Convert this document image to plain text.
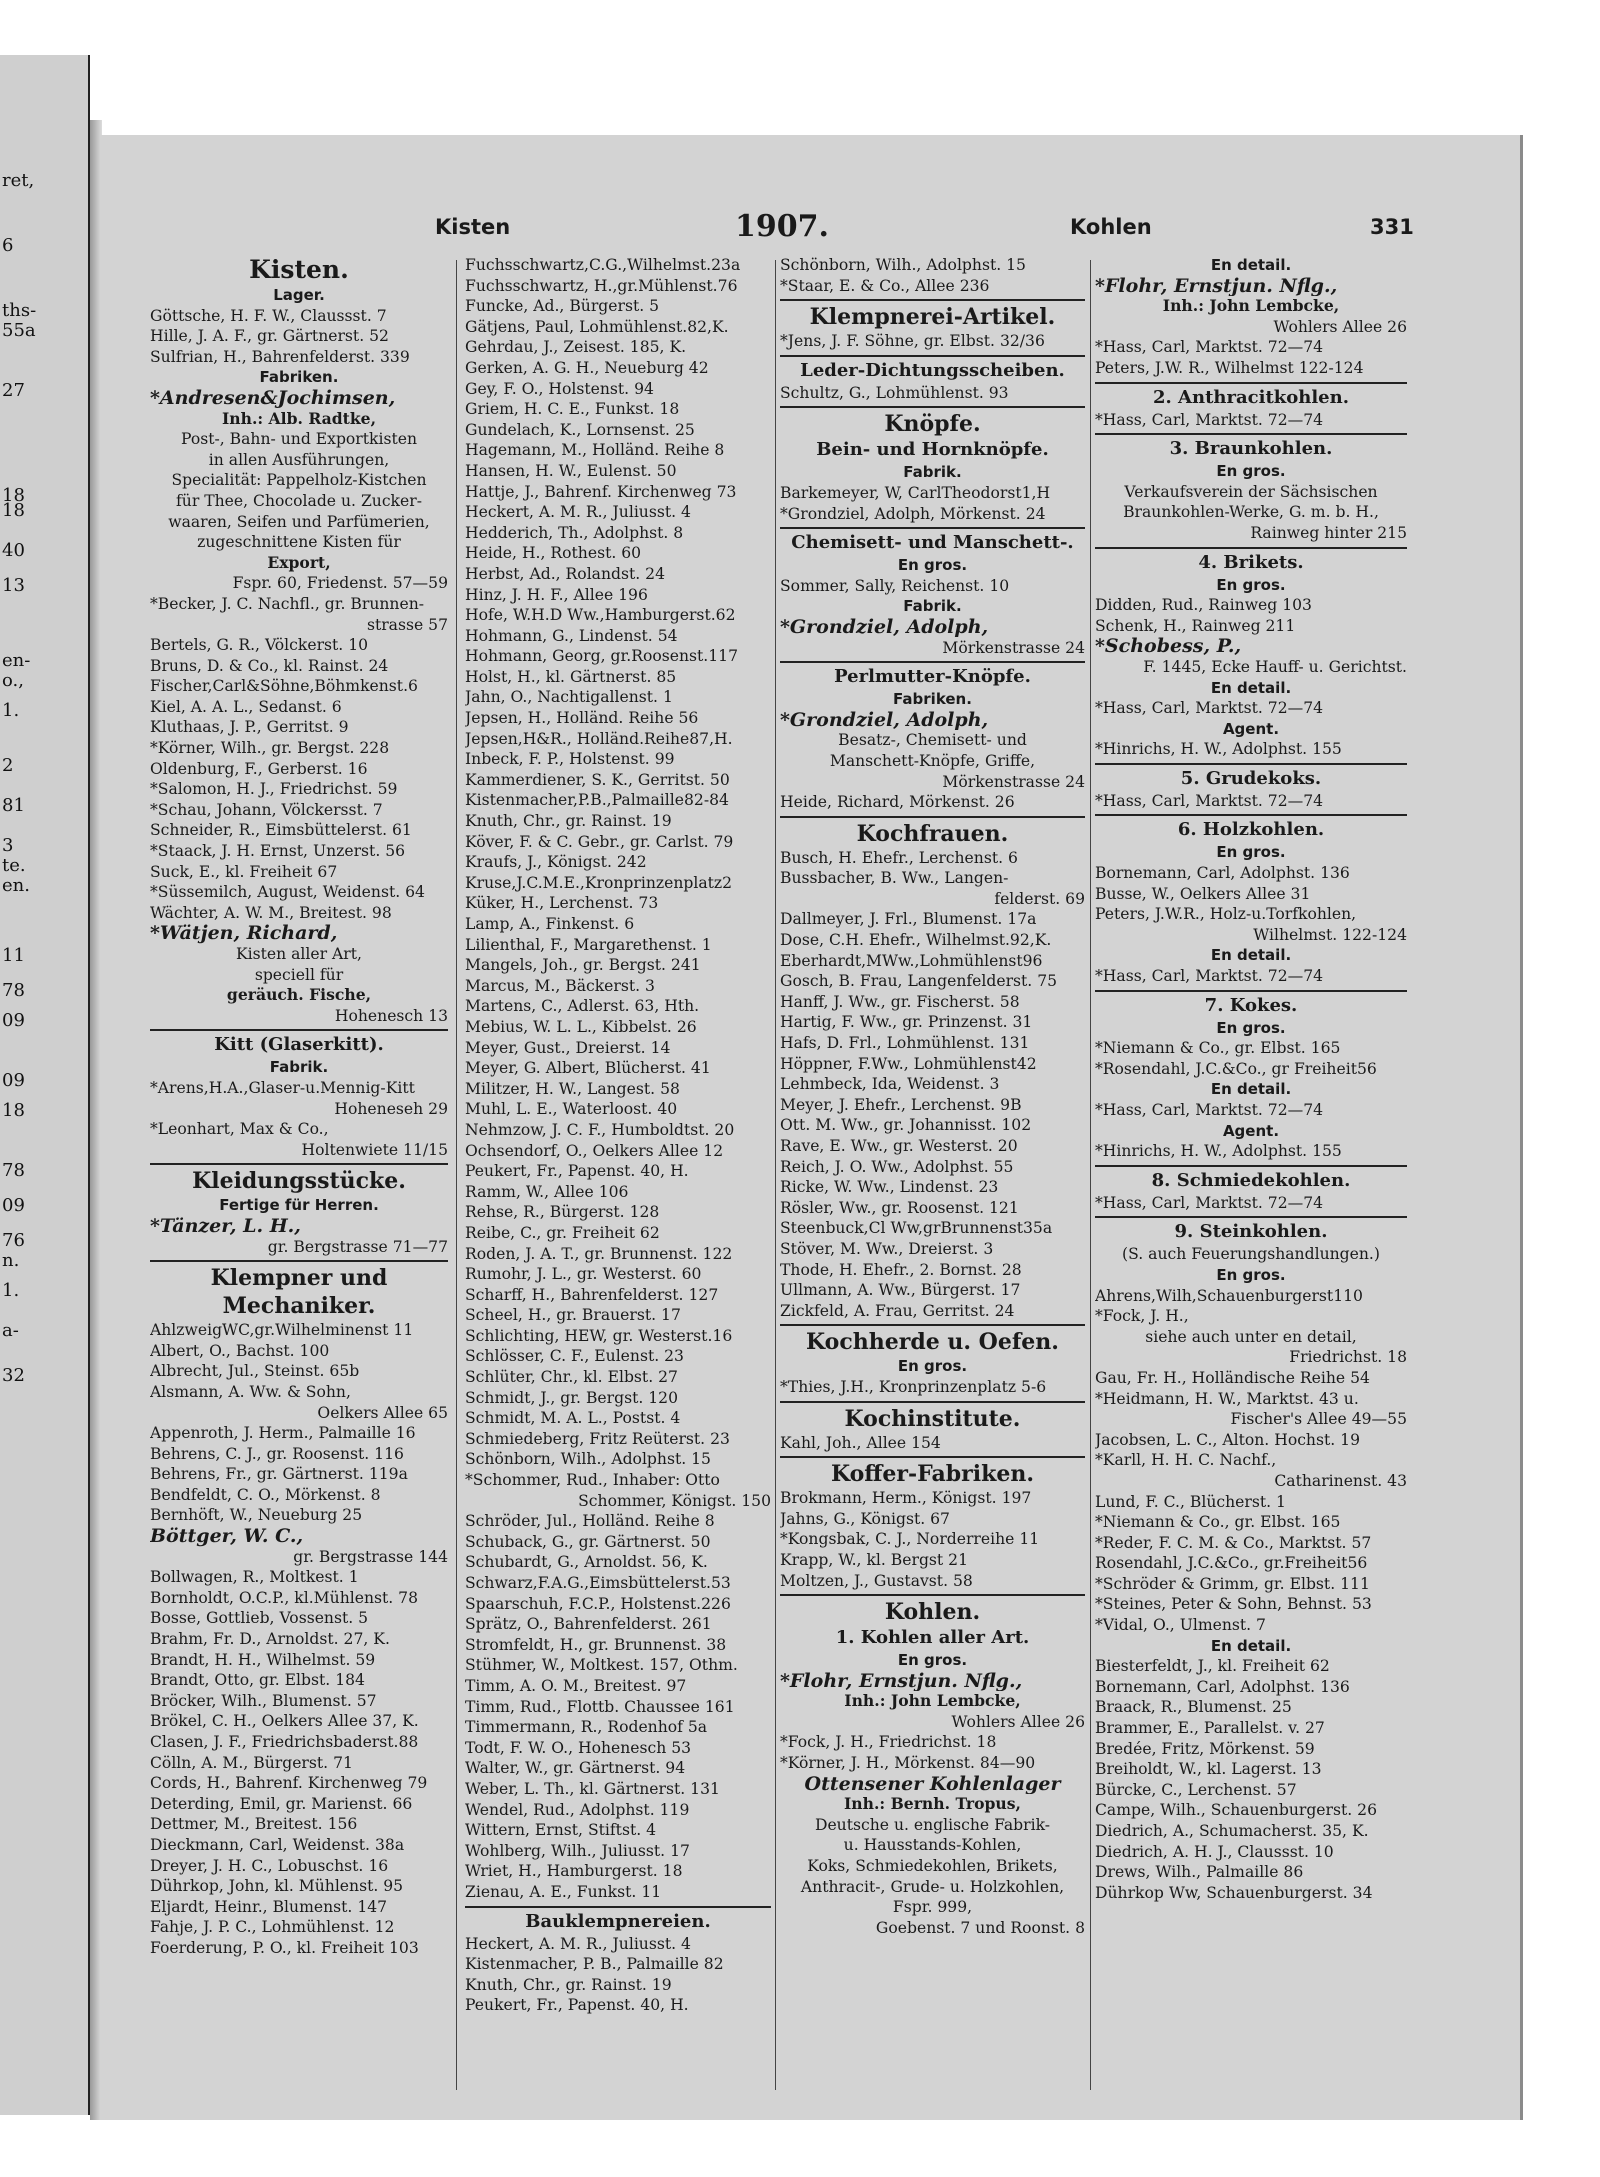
ret,
6
ths-
55a
27
18
18
40
13
en-
o.,
1.
2
81
3
te.
en.
11
78
09
09
18
78
09
76
n.
1.
a-
32
Kisten	1907.	Kohlen	331
Kisten.
Lager.
Göttsche, H. F. W., Claussst. 7
Hille, J. A. F., gr. Gärtnerst. 52
Sulfrian, H., Bahrenfelderst. 339
Fabriken.
*Andresen&Jochimsen,
Inh.: Alb. Radtke,
Post-, Bahn- und Exportkisten
in allen Ausführungen,
Specialität: Pappelholz-Kistchen
für Thee, Chocolade u. Zucker-
waaren, Seifen und Parfümerien,
zugeschnittene Kisten für
Export,
Fspr. 60, Friedenst. 57—59
*Becker, J. C. Nachfl., gr. Brunnen-
strasse 57
Bertels, G. R., Völckerst. 10
Bruns, D. & Co., kl. Rainst. 24
Fischer,Carl&Söhne,Böhmkenst.6
Kiel, A. A. L., Sedanst. 6
Kluthaas, J. P., Gerritst. 9
*Körner, Wilh., gr. Bergst. 228
Oldenburg, F., Gerberst. 16
*Salomon, H. J., Friedrichst. 59
*Schau, Johann, Völckersst. 7
Schneider, R., Eimsbüttelerst. 61
*Staack, J. H. Ernst, Unzerst. 56
Suck, E., kl. Freiheit 67
*Süssemilch, August, Weidenst. 64
Wächter, A. W. M., Breitest. 98
*Wätjen, Richard,
Kisten aller Art,
speciell für
geräuch. Fische,
Hohenesch 13
Kitt (Glaserkitt).
Fabrik.
*Arens,H.A.,Glaser-u.Mennig-Kitt
Hoheneseh 29
*Leonhart, Max & Co.,
Holtenwiete 11/15
Kleidungsstücke.
Fertige für Herren.
*Tänzer, L. H.,
gr. Bergstrasse 71—77
Klempner und
Mechaniker.
AhlzweigWC,gr.Wilhelminenst 11
Albert, O., Bachst. 100
Albrecht, Jul., Steinst. 65b
Alsmann, A. Ww. & Sohn,
Oelkers Allee 65
Appenroth, J. Herm., Palmaille 16
Behrens, C. J., gr. Roosenst. 116
Behrens, Fr., gr. Gärtnerst. 119a
Bendfeldt, C. O., Mörkenst. 8
Bernhöft, W., Neueburg 25
Böttger, W. C.,
gr. Bergstrasse 144
Bollwagen, R., Moltkest. 1
Bornholdt, O.C.P., kl.Mühlenst. 78
Bosse, Gottlieb, Vossenst. 5
Brahm, Fr. D., Arnoldst. 27, K.
Brandt, H. H., Wilhelmst. 59
Brandt, Otto, gr. Elbst. 184
Bröcker, Wilh., Blumenst. 57
Brökel, C. H., Oelkers Allee 37, K.
Clasen, J. F., Friedrichsbaderst.88
Cölln, A. M., Bürgerst. 71
Cords, H., Bahrenf. Kirchenweg 79
Deterding, Emil, gr. Marienst. 66
Dettmer, M., Breitest. 156
Dieckmann, Carl, Weidenst. 38a
Dreyer, J. H. C., Lobuschst. 16
Dührkop, John, kl. Mühlenst. 95
Eljardt, Heinr., Blumenst. 147
Fahje, J. P. C., Lohmühlenst. 12
Foerderung, P. O., kl. Freiheit 103
Fuchsschwartz,C.G.,Wilhelmst.23a
Fuchsschwartz, H.,gr.Mühlenst.76
Funcke, Ad., Bürgerst. 5
Gätjens, Paul, Lohmühlenst.82,K.
Gehrdau, J., Zeisest. 185, K.
Gerken, A. G. H., Neueburg 42
Gey, F. O., Holstenst. 94
Griem, H. C. E., Funkst. 18
Gundelach, K., Lornsenst. 25
Hagemann, M., Holländ. Reihe 8
Hansen, H. W., Eulenst. 50
Hattje, J., Bahrenf. Kirchenweg 73
Heckert, A. M. R., Juliusst. 4
Hedderich, Th., Adolphst. 8
Heide, H., Rothest. 60
Herbst, Ad., Rolandst. 24
Hinz, J. H. F., Allee 196
Hofe, W.H.D Ww.,Hamburgerst.62
Hohmann, G., Lindenst. 54
Hohmann, Georg, gr.Roosenst.117
Holst, H., kl. Gärtnerst. 85
Jahn, O., Nachtigallenst. 1
Jepsen, H., Holländ. Reihe 56
Jepsen,H&R., Holländ.Reihe87,H.
Inbeck, F. P., Holstenst. 99
Kammerdiener, S. K., Gerritst. 50
Kistenmacher,P.B.,Palmaille82-84
Knuth, Chr., gr. Rainst. 19
Köver, F. & C. Gebr., gr. Carlst. 79
Kraufs, J., Königst. 242
Kruse,J.C.M.E.,Kronprinzenplatz2
Küker, H., Lerchenst. 73
Lamp, A., Finkenst. 6
Lilienthal, F., Margarethenst. 1
Mangels, Joh., gr. Bergst. 241
Marcus, M., Bäckerst. 3
Martens, C., Adlerst. 63, Hth.
Mebius, W. L. L., Kibbelst. 26
Meyer, Gust., Dreierst. 14
Meyer, G. Albert, Blücherst. 41
Militzer, H. W., Langest. 58
Muhl, L. E., Waterloost. 40
Nehmzow, J. C. F., Humboldtst. 20
Ochsendorf, O., Oelkers Allee 12
Peukert, Fr., Papenst. 40, H.
Ramm, W., Allee 106
Rehse, R., Bürgerst. 128
Reibe, C., gr. Freiheit 62
Roden, J. A. T., gr. Brunnenst. 122
Rumohr, J. L., gr. Westerst. 60
Scharff, H., Bahrenfelderst. 127
Scheel, H., gr. Brauerst. 17
Schlichting, HEW, gr. Westerst.16
Schlösser, C. F., Eulenst. 23
Schlüter, Chr., kl. Elbst. 27
Schmidt, J., gr. Bergst. 120
Schmidt, M. A. L., Postst. 4
Schmiedeberg, Fritz Reüterst. 23
Schönborn, Wilh., Adolphst. 15
*Schommer, Rud., Inhaber: Otto
Schommer, Königst. 150
Schröder, Jul., Holländ. Reihe 8
Schuback, G., gr. Gärtnerst. 50
Schubardt, G., Arnoldst. 56, K.
Schwarz,F.A.G.,Eimsbüttelerst.53
Spaarschuh, F.C.P., Holstenst.226
Sprätz, O., Bahrenfelderst. 261
Stromfeldt, H., gr. Brunnenst. 38
Stühmer, W., Moltkest. 157, Othm.
Timm, A. O. M., Breitest. 97
Timm, Rud., Flottb. Chaussee 161
Timmermann, R., Rodenhof 5a
Todt, F. W. O., Hohenesch 53
Walter, W., gr. Gärtnerst. 94
Weber, L. Th., kl. Gärtnerst. 131
Wendel, Rud., Adolphst. 119
Wittern, Ernst, Stiftst. 4
Wohlberg, Wilh., Juliusst. 17
Wriet, H., Hamburgerst. 18
Zienau, A. E., Funkst. 11
Bauklempnereien.
Heckert, A. M. R., Juliusst. 4
Kistenmacher, P. B., Palmaille 82
Knuth, Chr., gr. Rainst. 19
Peukert, Fr., Papenst. 40, H.
Schönborn, Wilh., Adolphst. 15
*Staar, E. & Co., Allee 236
Klempnerei-Artikel.
*Jens, J. F. Söhne, gr. Elbst. 32/36
Leder-Dichtungsscheiben.
Schultz, G., Lohmühlenst. 93
Knöpfe.
Bein- und Hornknöpfe.
Fabrik.
Barkemeyer, W, CarlTheodorst1,H
*Grondziel, Adolph, Mörkenst. 24
Chemisett- und Manschett-.
En gros.
Sommer, Sally, Reichenst. 10
Fabrik.
*Grondziel, Adolph,
Mörkenstrasse 24
Perlmutter-Knöpfe.
Fabriken.
*Grondziel, Adolph,
Besatz-, Chemisett- und
Manschett-Knöpfe, Griffe,
Mörkenstrasse 24
Heide, Richard, Mörkenst. 26
Kochfrauen.
Busch, H. Ehefr., Lerchenst. 6
Bussbacher, B. Ww., Langen-
felderst. 69
Dallmeyer, J. Frl., Blumenst. 17a
Dose, C.H. Ehefr., Wilhelmst.92,K.
Eberhardt,MWw.,Lohmühlenst96
Gosch, B. Frau, Langenfelderst. 75
Hanff, J. Ww., gr. Fischerst. 58
Hartig, F. Ww., gr. Prinzenst. 31
Hafs, D. Frl., Lohmühlenst. 131
Höppner, F.Ww., Lohmühlenst42
Lehmbeck, Ida, Weidenst. 3
Meyer, J. Ehefr., Lerchenst. 9B
Ott. M. Ww., gr. Johannisst. 102
Rave, E. Ww., gr. Westerst. 20
Reich, J. O. Ww., Adolphst. 55
Ricke, W. Ww., Lindenst. 23
Rösler, Ww., gr. Roosenst. 121
Steenbuck,Cl Ww,grBrunnenst35a
Stöver, M. Ww., Dreierst. 3
Thode, H. Ehefr., 2. Bornst. 28
Ullmann, A. Ww., Bürgerst. 17
Zickfeld, A. Frau, Gerritst. 24
Kochherde u. Oefen.
En gros.
*Thies, J.H., Kronprinzenplatz 5-6
Kochinstitute.
Kahl, Joh., Allee 154
Koffer-Fabriken.
Brokmann, Herm., Königst. 197
Jahns, G., Königst. 67
*Kongsbak, C. J., Norderreihe 11
Krapp, W., kl. Bergst 21
Moltzen, J., Gustavst. 58
Kohlen.
1. Kohlen aller Art.
En gros.
*Flohr, Ernstjun. Nflg.,
Inh.: John Lembcke,
Wohlers Allee 26
*Fock, J. H., Friedrichst. 18
*Körner, J. H., Mörkenst. 84—90
Ottensener Kohlenlager
Inh.: Bernh. Tropus,
Deutsche u. englische Fabrik-
u. Hausstands-Kohlen,
Koks, Schmiedekohlen, Brikets,
Anthracit-, Grude- u. Holzkohlen,
Fspr. 999,
Goebenst. 7 und Roonst. 8
En detail.
*Flohr, Ernstjun. Nflg.,
Inh.: John Lembcke,
Wohlers Allee 26
*Hass, Carl, Marktst. 72—74
Peters, J.W. R., Wilhelmst 122-124
2. Anthracitkohlen.
*Hass, Carl, Marktst. 72—74
3. Braunkohlen.
En gros.
Verkaufsverein der Sächsischen
Braunkohlen-Werke, G. m. b. H.,
Rainweg hinter 215
4. Brikets.
En gros.
Didden, Rud., Rainweg 103
Schenk, H., Rainweg 211
*Schobess, P.,
F. 1445, Ecke Hauff- u. Gerichtst.
En detail.
*Hass, Carl, Marktst. 72—74
Agent.
*Hinrichs, H. W., Adolphst. 155
5. Grudekoks.
*Hass, Carl, Marktst. 72—74
6. Holzkohlen.
En gros.
Bornemann, Carl, Adolphst. 136
Busse, W., Oelkers Allee 31
Peters, J.W.R., Holz-u.Torfkohlen,
Wilhelmst. 122-124
En detail.
*Hass, Carl, Marktst. 72—74
7. Kokes.
En gros.
*Niemann & Co., gr. Elbst. 165
*Rosendahl, J.C.&Co., gr Freiheit56
En detail.
*Hass, Carl, Marktst. 72—74
Agent.
*Hinrichs, H. W., Adolphst. 155
8. Schmiedekohlen.
*Hass, Carl, Marktst. 72—74
9. Steinkohlen.
(S. auch Feuerungshandlungen.)
En gros.
Ahrens,Wilh,Schauenburgerst110
*Fock, J. H.,
siehe auch unter en detail,
Friedrichst. 18
Gau, Fr. H., Holländische Reihe 54
*Heidmann, H. W., Marktst. 43 u.
Fischer's Allee 49—55
Jacobsen, L. C., Alton. Hochst. 19
*Karll, H. H. C. Nachf.,
Catharinenst. 43
Lund, F. C., Blücherst. 1
*Niemann & Co., gr. Elbst. 165
*Reder, F. C. M. & Co., Marktst. 57
Rosendahl, J.C.&Co., gr.Freiheit56
*Schröder & Grimm, gr. Elbst. 111
*Steines, Peter & Sohn, Behnst. 53
*Vidal, O., Ulmenst. 7
En detail.
Biesterfeldt, J., kl. Freiheit 62
Bornemann, Carl, Adolphst. 136
Braack, R., Blumenst. 25
Brammer, E., Parallelst. v. 27
Bredée, Fritz, Mörkenst. 59
Breiholdt, W., kl. Lagerst. 13
Bürcke, C., Lerchenst. 57
Campe, Wilh., Schauenburgerst. 26
Diedrich, A., Schumacherst. 35, K.
Diedrich, A. H. J., Claussst. 10
Drews, Wilh., Palmaille 86
Dührkop Ww, Schauenburgerst. 34
